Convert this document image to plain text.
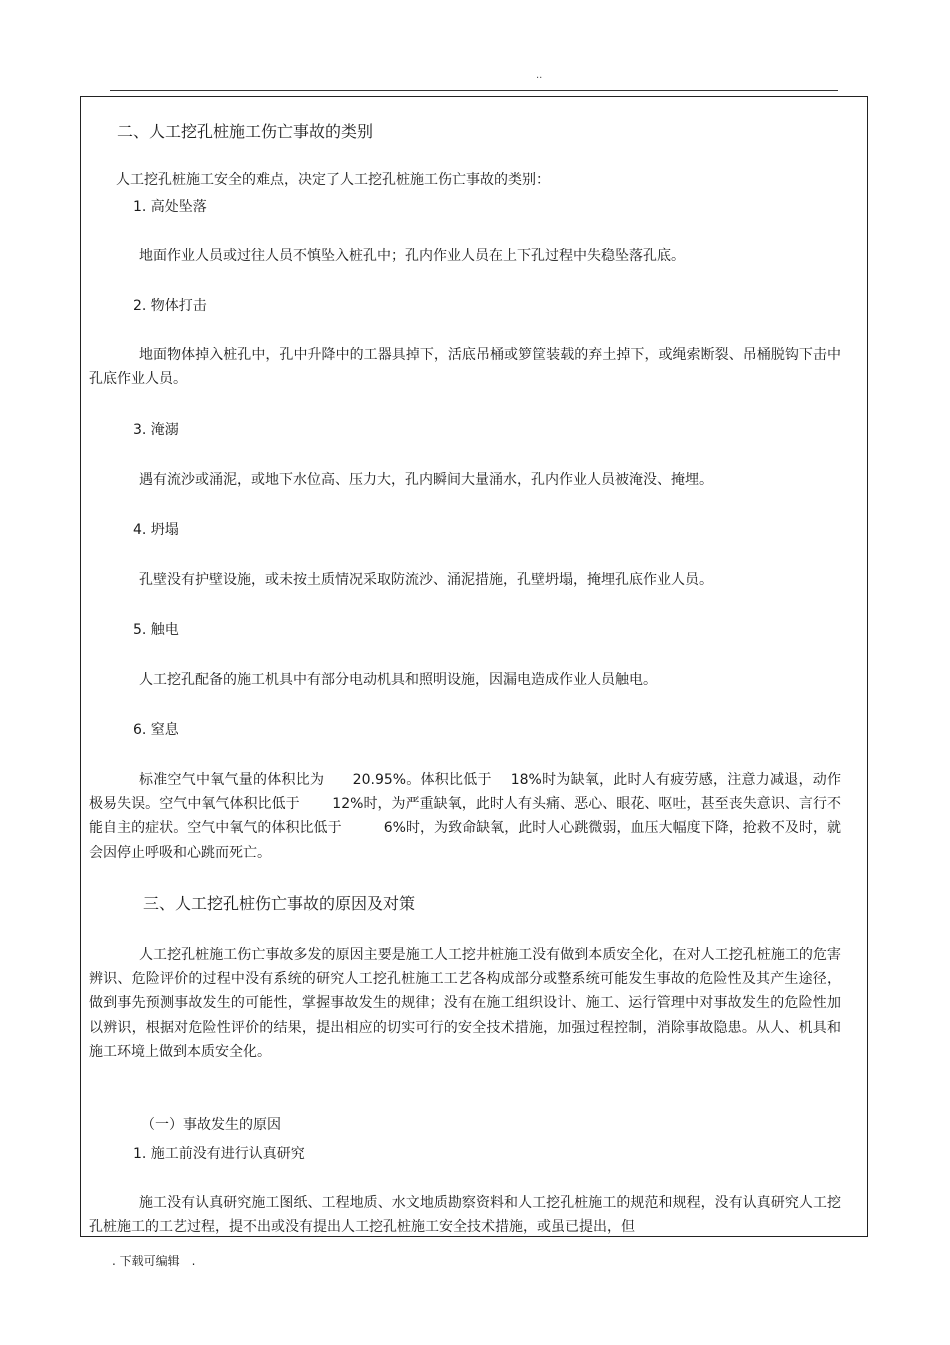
..
二、人工挖孔桩施工伤亡事故的类别
人工挖孔桩施工安全的难点，决定了人工挖孔桩施工伤亡事故的类别：
1. 高处坠落
地面作业人员或过往人员不慎坠入桩孔中；孔内作业人员在上下孔过程中失稳坠落孔底。
2. 物体打击

地面物体掉入桩孔中，孔中升降中的工器具掉下，活底吊桶或箩筐装载的弃土掉下，或绳索断裂、吊桶脱钩下击中孔底作业人员。

3. 淹溺
遇有流沙或涌泥，或地下水位高、压力大，孔内瞬间大量涌水，孔内作业人员被淹没、掩埋。
4. 坍塌
孔壁没有护壁设施，或未按土质情况采取防流沙、涌泥措施，孔壁坍塌，掩埋孔底作业人员。
5. 触电
人工挖孔配备的施工机具中有部分电动机具和照明设施，因漏电造成作业人员触电。
6. 窒息

标准空气中氧气量的体积比为　　20.95%。体积比低于　 18%时为缺氧，此时人有疲劳感，注意力减退，动作极易失误。空气中氧气体积比低于　　 12%时，为严重缺氧，此时人有头痛、恶心、眼花、呕吐，甚至丧失意识、言行不能自主的症状。空气中氧气的体积比低于　　　6%时，为致命缺氧，此时人心跳微弱，血压大幅度下降，抢救不及时，就会因停止呼吸和心跳而死亡。

三、人工挖孔桩伤亡事故的原因及对策

人工挖孔桩施工伤亡事故多发的原因主要是施工人工挖井桩施工没有做到本质安全化，在对人工挖孔桩施工的危害辨识、危险评价的过程中没有系统的研究人工挖孔桩施工工艺各构成部分或整系统可能发生事故的危险性及其产生途径，做到事先预测事故发生的可能性，掌握事故发生的规律；没有在施工组织设计、施工、运行管理中对事故发生的危险性加以辨识，根据对危险性评价的结果，提出相应的切实可行的安全技术措施，加强过程控制，消除事故隐患。从人、机具和施工环境上做到本质安全化。

（一）事故发生的原因
1. 施工前没有进行认真研究

施工没有认真研究施工图纸、工程地质、水文地质勘察资料和人工挖孔桩施工的规范和规程，没有认真研究人工挖孔桩施工的工艺过程，提不出或没有提出人工挖孔桩施工安全技术措施，或虽已提出，但

. 下载可编辑　.
